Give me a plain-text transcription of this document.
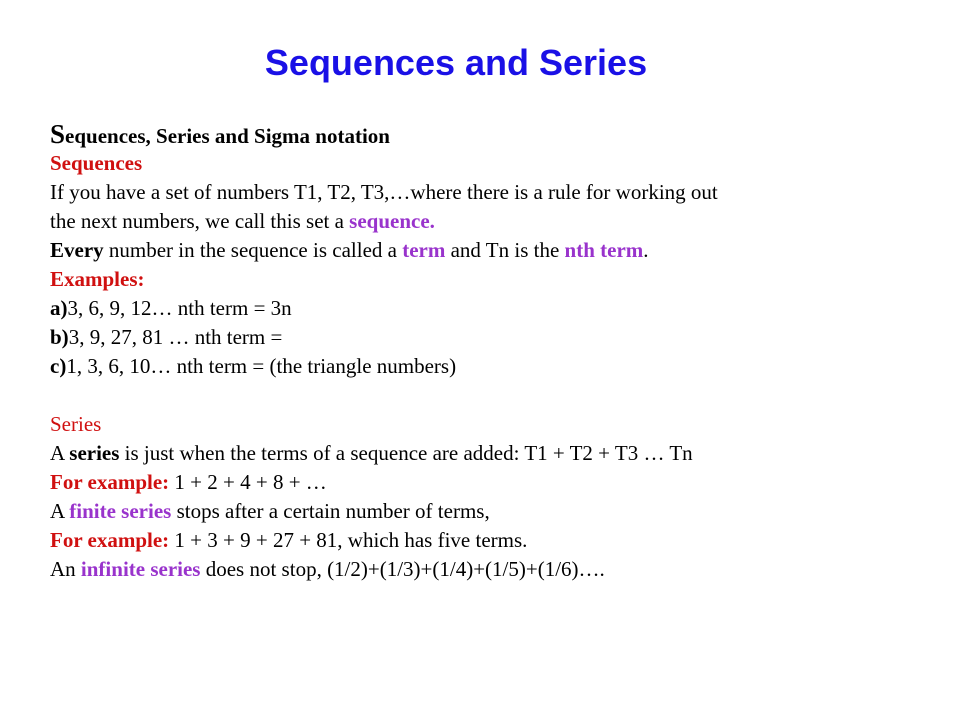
Sequences and Series
Sequences, Series and Sigma notation
Sequences
If you have a set of numbers T1, T2, T3,…where there is a rule for working out
the next numbers, we call this set a sequence.
Every number in the sequence is called a term and Tn is the nth term.
Examples:
a)3, 6, 9, 12… nth term = 3n
b)3, 9, 27, 81 … nth term =
c)1, 3, 6, 10… nth term = (the triangle numbers)
Series
A series is just when the terms of a sequence are added: T1 + T2 + T3 … Tn
For example: 1 + 2 + 4 + 8 + …
A finite series stops after a certain number of terms,
For example: 1 + 3 + 9 + 27 + 81, which has five terms.
An infinite series does not stop, (1/2)+(1/3)+(1/4)+(1/5)+(1/6)….
